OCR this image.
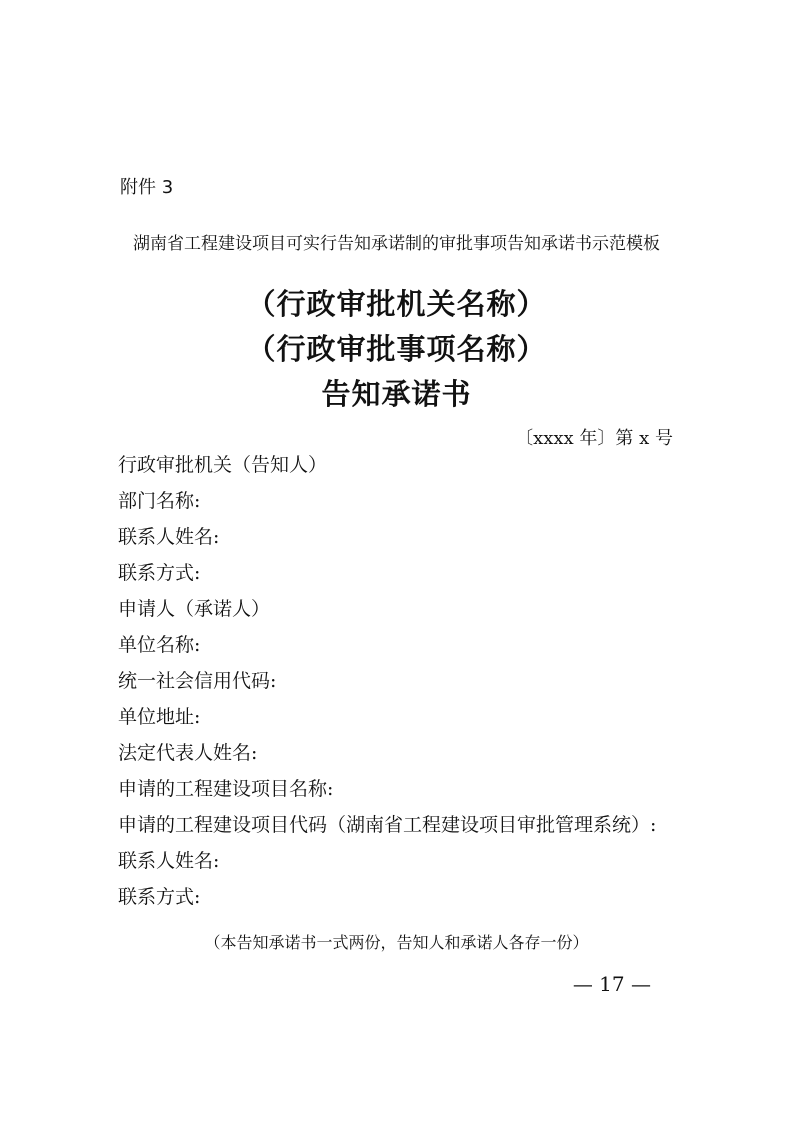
附件 3
湖南省工程建设项目可实行告知承诺制的审批事项告知承诺书示范模板
（行政审批机关名称）
（行政审批事项名称）
告知承诺书
〔xxxx 年〕第 x 号
行政审批机关（告知人）
部门名称:
联系人姓名:
联系方式:
申请人（承诺人）
单位名称:
统一社会信用代码:
单位地址:
法定代表人姓名:
申请的工程建设项目名称:
申请的工程建设项目代码（湖南省工程建设项目审批管理系统）:
联系人姓名:
联系方式:
（本告知承诺书一式两份，告知人和承诺人各存一份）
— 17 —
